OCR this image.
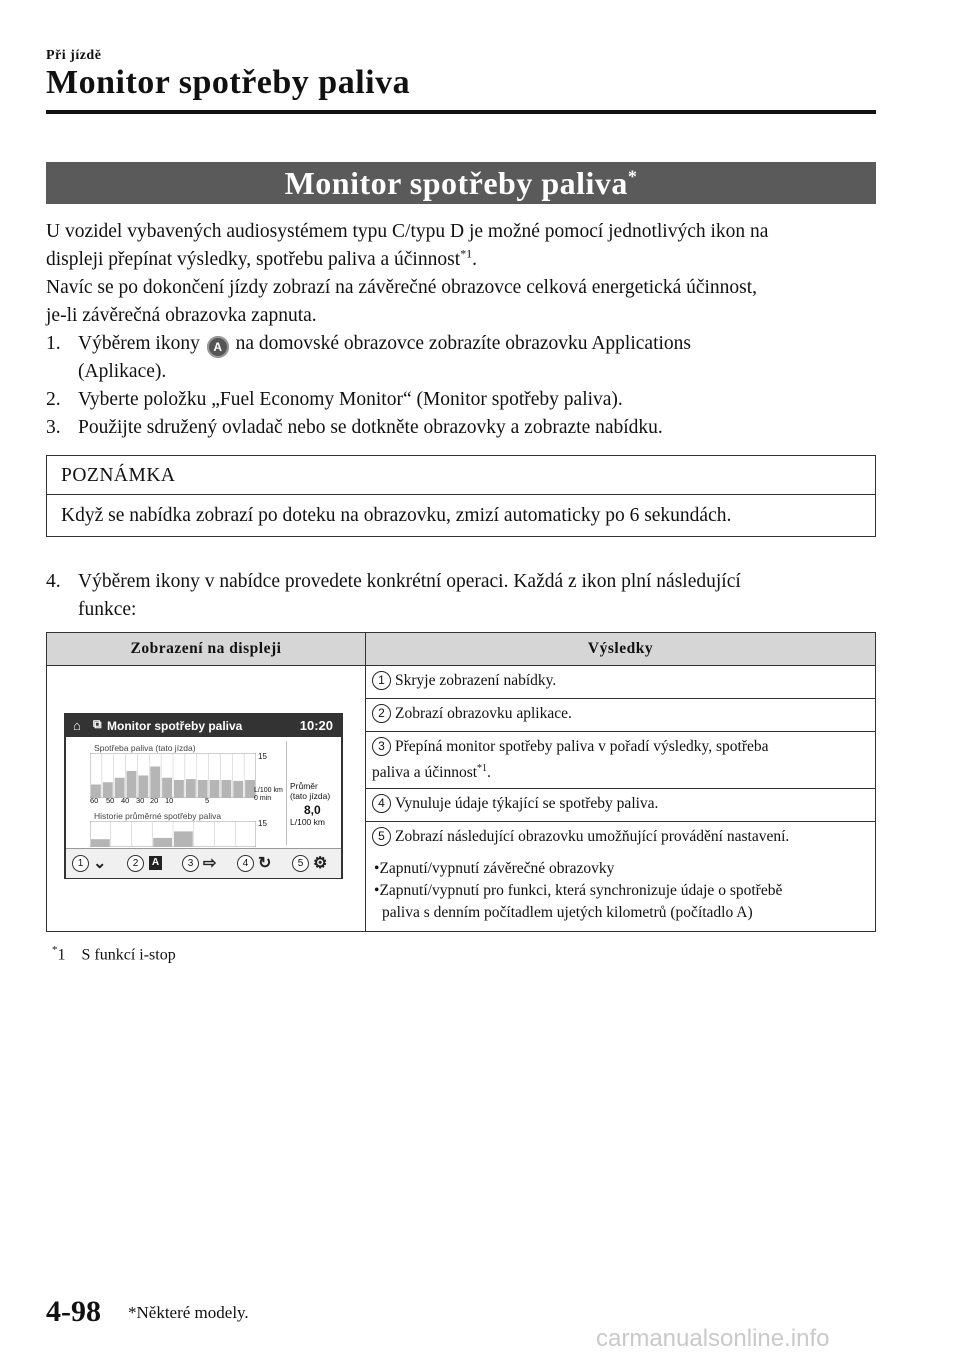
Při jízdě
Monitor spotřeby paliva
Monitor spotřeby paliva*
U vozidel vybavených audiosystémem typu C/typu D je možné pomocí jednotlivých ikon na
displeji přepínat výsledky, spotřebu paliva a účinnost$^{*1}$.
Navíc se po dokončení jízdy zobrazí na závěrečné obrazovce celková energetická účinnost,
je-li závěrečná obrazovka zapnuta.
1. Výběrem ikony A na domovské obrazovce zobrazíte obrazovku Applications
(Aplikace).
2. Vyberte položku „Fuel Economy Monitor“ (Monitor spotřeby paliva).
3. Použijte sdružený ovladač nebo se dotkněte obrazovky a zobrazte nabídku.
POZNÁMKA
Když se nabídka zobrazí po doteku na obrazovku, zmizí automaticky po 6 sekundách.
4. Výběrem ikony v nabídce provedete konkrétní operaci. Každá z ikon plní následující
funkce:
Zobrazení na displeji	Výsledky
	1 Skryje zobrazení nabídky.
	2 Zobrazí obrazovku aplikace.
	3 Přepíná monitor spotřeby paliva v pořadí výsledky, spotřeba
paliva a účinnost$^{*1}$.
	4 Vynuluje údaje týkající se spotřeby paliva.
	5 Zobrazí následující obrazovku umožňující provádění nastavení.
•Zapnutí/vypnutí závěrečné obrazovky
•Zapnutí/vypnutí pro funkci, která synchronizuje údaje o spotřebě
paliva s denním počítadlem ujetých kilometrů (počítadlo A)
⌂ ⧉ Monitor spotřeby paliva	10:20
Spotřeba paliva (tato jízda)
15
L/100 km
0 min
60 50 40 30 20 10	5
Průměr
(tato jízda)
8,0
L/100 km
Historie průměrné spotřeby paliva
15
1 ⌄	2	A	3 ⇨	4 ↻	5 ⚙
*1 S funkcí i-stop
4-98 *Některé modely.
carmanualsonline.info
